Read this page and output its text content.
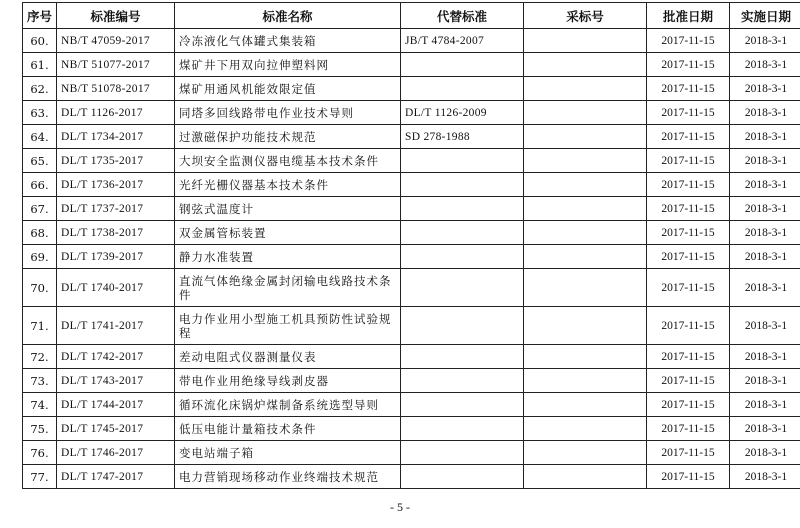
序号	标准编号	标准名称	代替标准	采标号	批准日期	实施日期
60.	NB/T 47059-2017	冷冻液化气体罐式集装箱	JB/T 4784-2007		2017-11-15	2018-3-1
61.	NB/T 51077-2017	煤矿井下用双向拉伸塑料网			2017-11-15	2018-3-1
62.	NB/T 51078-2017	煤矿用通风机能效限定值			2017-11-15	2018-3-1
63.	DL/T 1126-2017	同塔多回线路带电作业技术导则	DL/T 1126-2009		2017-11-15	2018-3-1
64.	DL/T 1734-2017	过激磁保护功能技术规范	SD 278-1988		2017-11-15	2018-3-1
65.	DL/T 1735-2017	大坝安全监测仪器电缆基本技术条件			2017-11-15	2018-3-1
66.	DL/T 1736-2017	光纤光栅仪器基本技术条件			2017-11-15	2018-3-1
67.	DL/T 1737-2017	钢弦式温度计			2017-11-15	2018-3-1
68.	DL/T 1738-2017	双金属管标装置			2017-11-15	2018-3-1
69.	DL/T 1739-2017	静力水准装置			2017-11-15	2018-3-1
70.	DL/T 1740-2017	直流气体绝缘金属封闭输电线路技术条件			2017-11-15	2018-3-1
71.	DL/T 1741-2017	电力作业用小型施工机具预防性试验规程			2017-11-15	2018-3-1
72.	DL/T 1742-2017	差动电阻式仪器测量仪表			2017-11-15	2018-3-1
73.	DL/T 1743-2017	带电作业用绝缘导线剥皮器			2017-11-15	2018-3-1
74.	DL/T 1744-2017	循环流化床锅炉煤制备系统选型导则			2017-11-15	2018-3-1
75.	DL/T 1745-2017	低压电能计量箱技术条件			2017-11-15	2018-3-1
76.	DL/T 1746-2017	变电站端子箱			2017-11-15	2018-3-1
77.	DL/T 1747-2017	电力营销现场移动作业终端技术规范			2017-11-15	2018-3-1
- 5 -
